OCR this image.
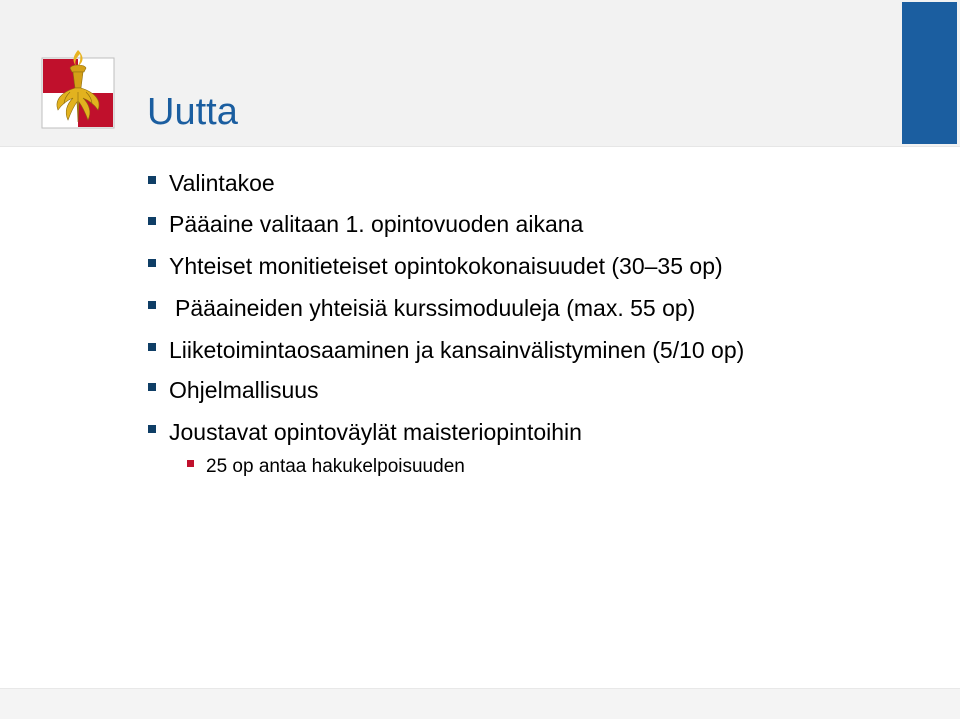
Uutta
Valintakoe
Pääaine valitaan 1. opintovuoden aikana
Yhteiset monitieteiset opintokokonaisuudet (30–35 op)
Pääaineiden yhteisiä kurssimoduuleja (max. 55 op)
Liiketoimintaosaaminen ja kansainvälistyminen (5/10 op)
Ohjelmallisuus
Joustavat opintoväylät maisteriopintoihin
25 op antaa hakukelpoisuuden
